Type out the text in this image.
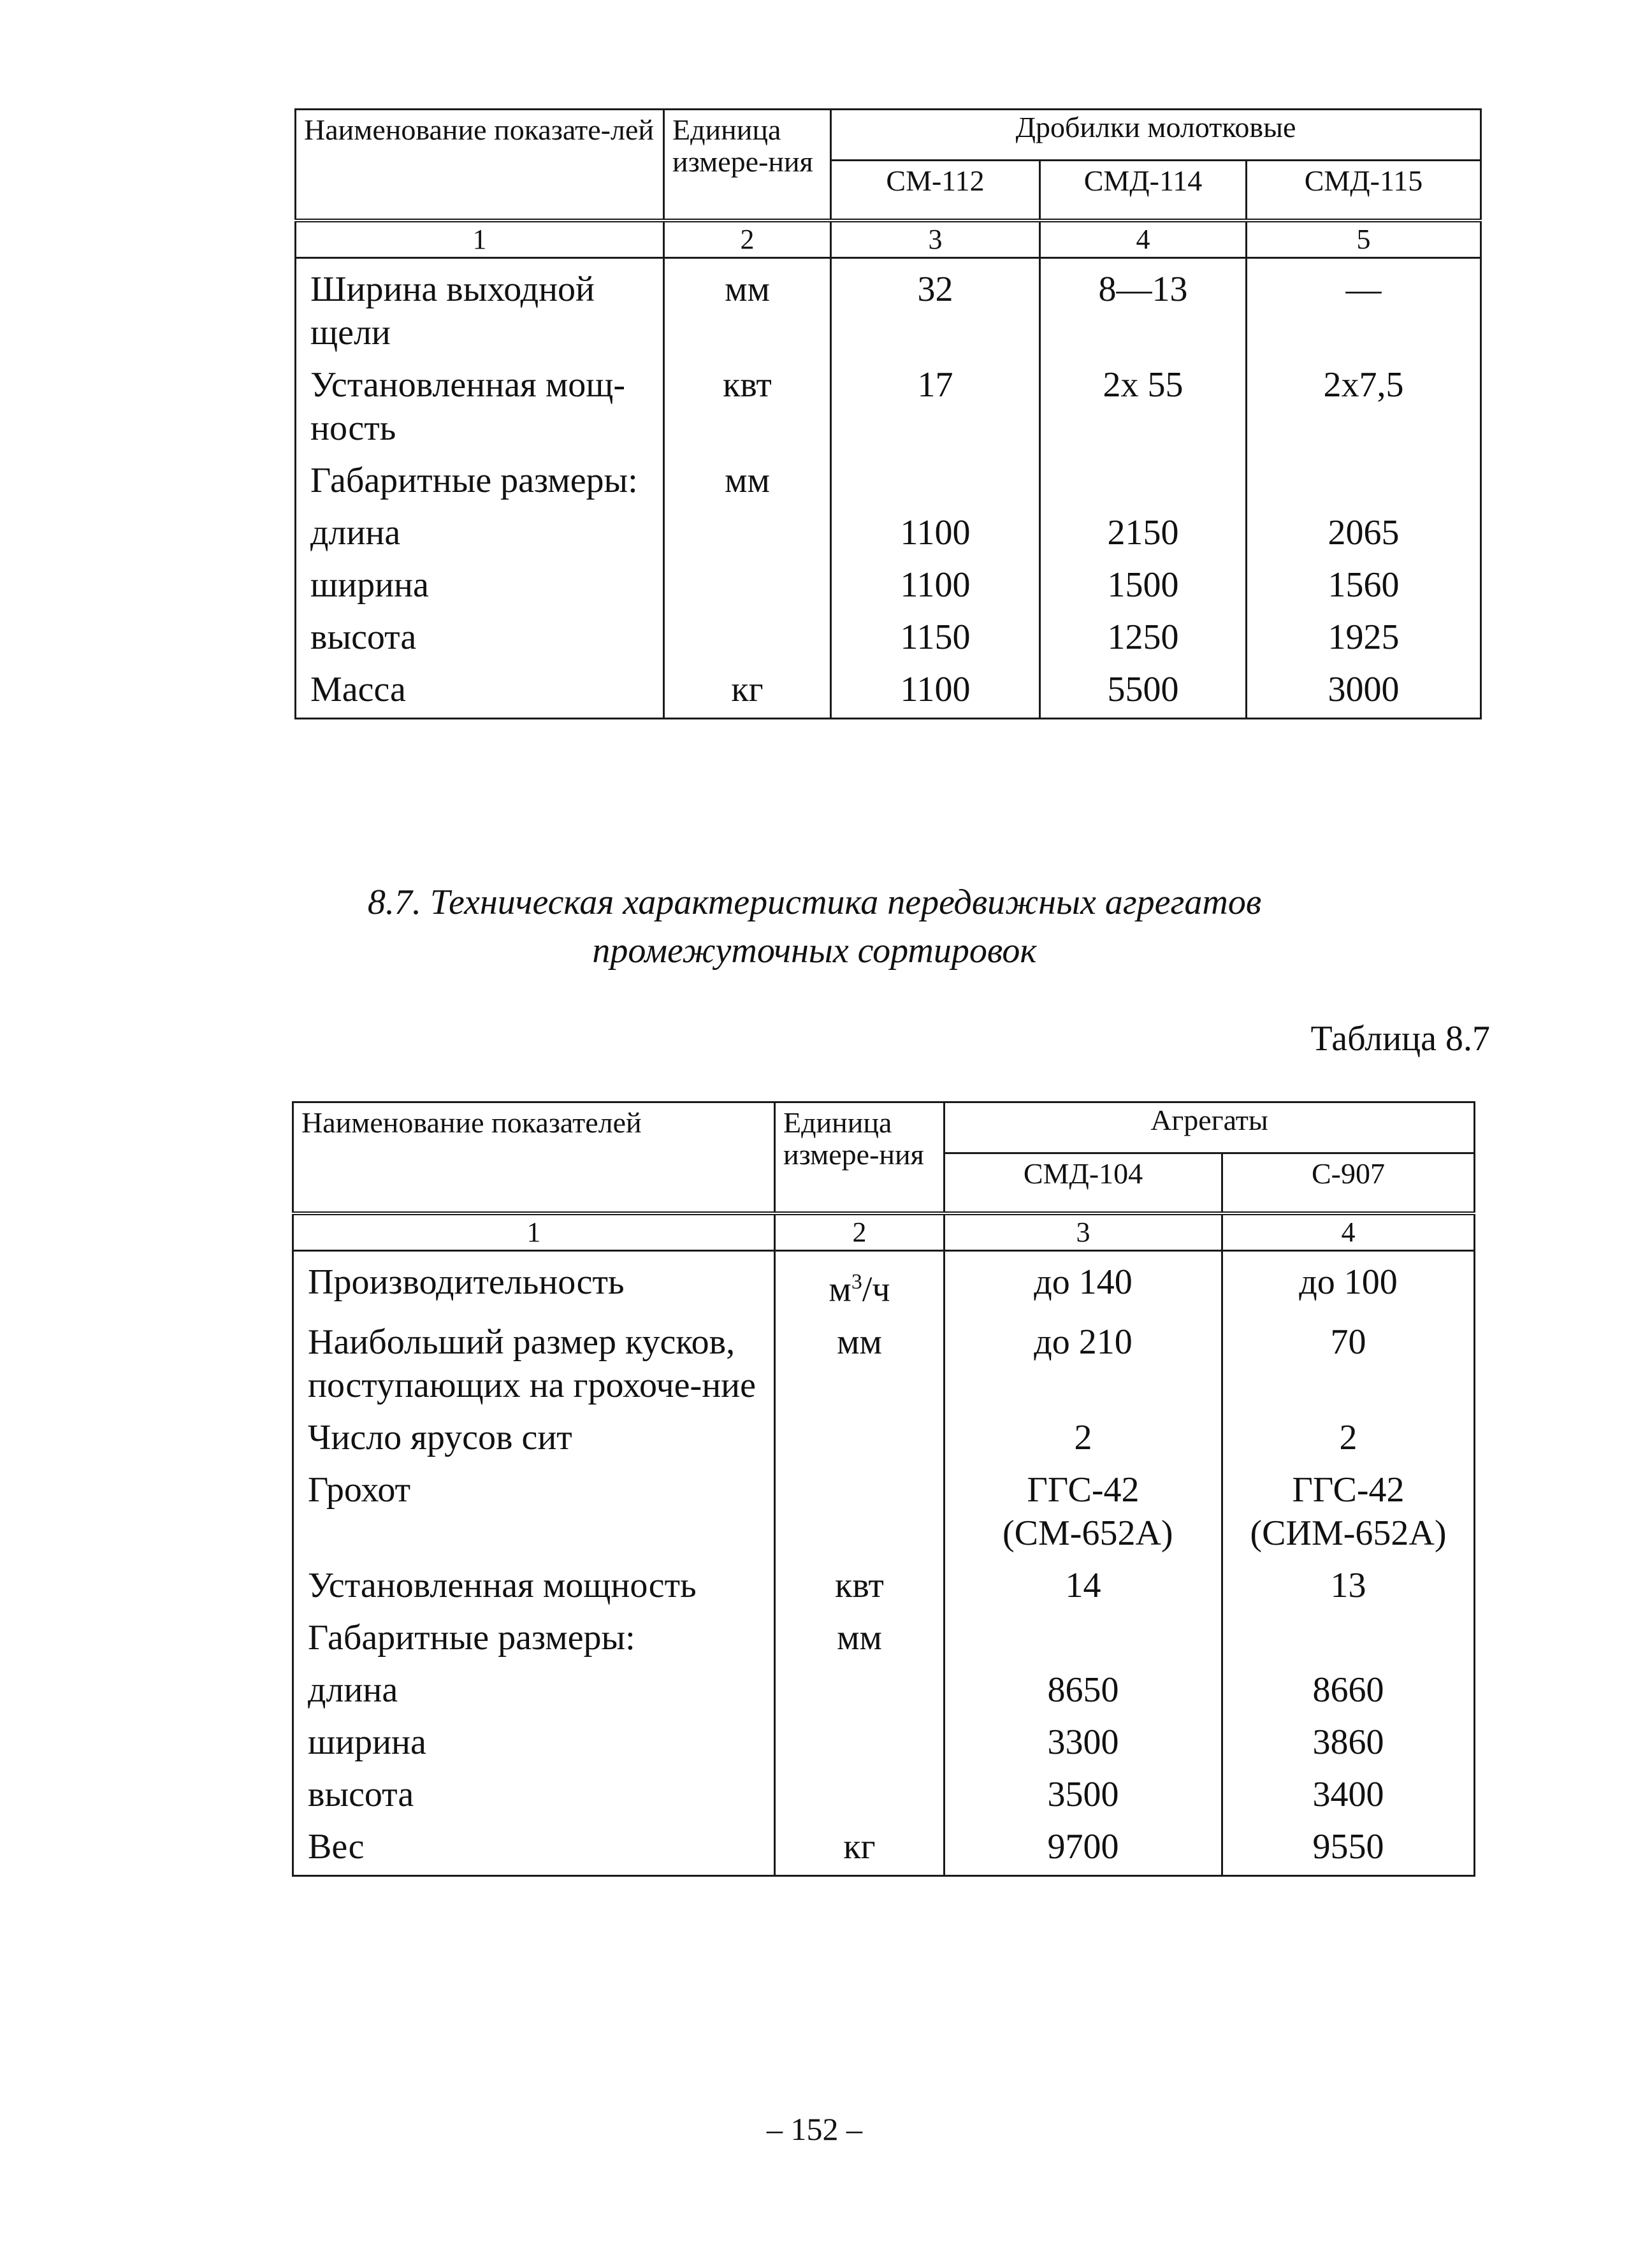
Наименование показате-лей	Единица измере-ния	Дробилки молотковые		
		СМ-112	СМД-114	СМД-115
1	2	3	4	5
Ширина выходной щели	мм	32	8—13	—
Установленная мощ-ность	квт	17	2х 55	2х7,5
Габаритные размеры:	мм			
длина		1100	2150	2065
ширина		1100	1500	1560
высота		1150	1250	1925
Масса	кг	1100	5500	3000
8.7. Техническая характеристика передвижных агрегатов
промежуточных сортировок
Таблица 8.7
Наименование показателей	Единица измере-ния	Агрегаты	
		СМД-104	С-907
1	2	3	4
Производительность	$м^3/ч$	до 140	до 100
Наибольший размер кусков, поступающих на грохоче-ние	мм	до 210	70
Число ярусов сит		2	2
Грохот		ГГС-42 (СМ-652А)	ГГС-42 (СИМ-652А)
Установленная мощность	квт	14	13
Габаритные размеры:	мм		
длина		8650	8660
ширина		3300	3860
высота		3500	3400
Вес	кг	9700	9550
– 152 –
